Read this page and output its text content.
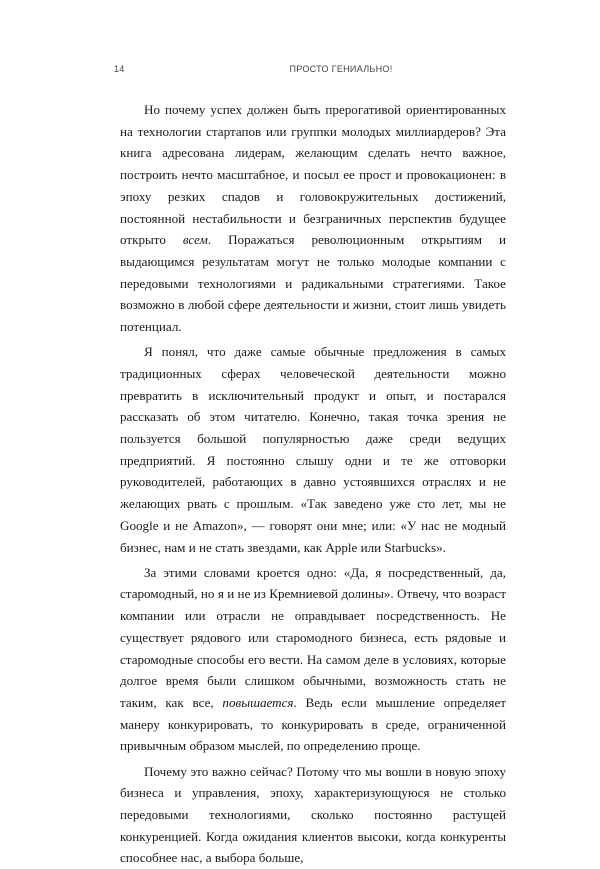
14	ПРОСТО ГЕНИАЛЬНО!

Но почему успех должен быть прерогативой ориентированных на технологии стартапов или группки молодых миллиардеров? Эта книга адресована лидерам, желающим сделать нечто важное, построить нечто масштабное, и посыл ее прост и провокационен: в эпоху резких спадов и головокружительных достижений, постоянной нестабильности и безграничных перспектив будущее открыто всем. Поражаться революционным открытиям и выдающимся результатам могут не только молодые компании с передовыми технологиями и радикальными стратегиями. Такое возможно в любой сфере деятельности и жизни, стоит лишь увидеть потенциал.

Я понял, что даже самые обычные предложения в самых традиционных сферах человеческой деятельности можно превратить в исключительный продукт и опыт, и постарался рассказать об этом читателю. Конечно, такая точка зрения не пользуется большой популярностью даже среди ведущих предприятий. Я постоянно слышу одни и те же отговорки руководителей, работающих в давно устоявшихся отраслях и не желающих рвать с прошлым. «Так заведено уже сто лет, мы не Google и не Amazon», — говорят они мне; или: «У нас не модный бизнес, нам и не стать звездами, как Apple или Starbucks».

За этими словами кроется одно: «Да, я посредственный, да, старомодный, но я и не из Кремниевой долины». Отвечу, что возраст компании или отрасли не оправдывает посредственность. Не существует рядового или старомодного бизнеса, есть рядовые и старомодные способы его вести. На самом деле в условиях, которые долгое время были слишком обычными, возможность стать не таким, как все, повышается. Ведь если мышление определяет манеру конкурировать, то конкурировать в среде, ограниченной привычным образом мыслей, по определению проще.

Почему это важно сейчас? Потому что мы вошли в новую эпоху бизнеса и управления, эпоху, характеризующуюся не столько передовыми технологиями, сколько постоянно растущей конкуренцией. Когда ожидания клиентов высоки, когда конкуренты способнее нас, а выбора больше,
